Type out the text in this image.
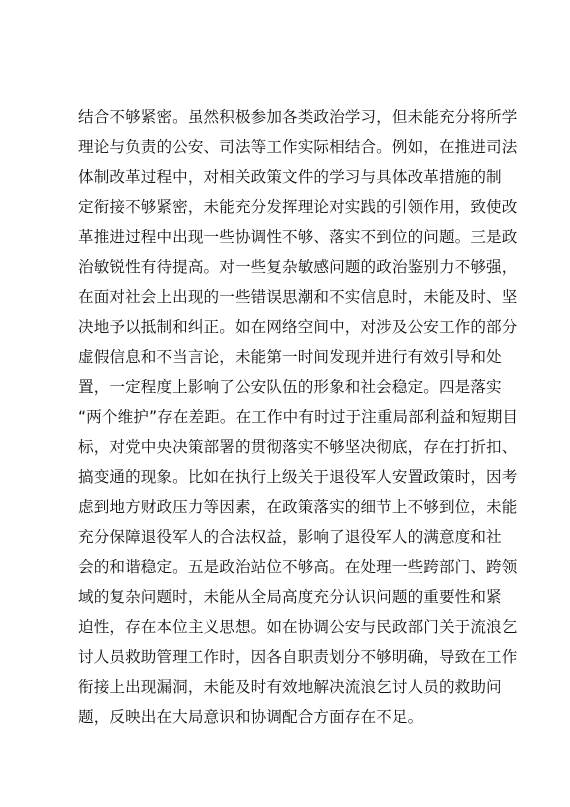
结合不够紧密。虽然积极参加各类政治学习，但未能充分将所学
理论与负责的公安、司法等工作实际相结合。例如，在推进司法
体制改革过程中，对相关政策文件的学习与具体改革措施的制
定衔接不够紧密，未能充分发挥理论对实践的引领作用，致使改
革推进过程中出现一些协调性不够、落实不到位的问题。三是政
治敏锐性有待提高。对一些复杂敏感问题的政治鉴别力不够强，
在面对社会上出现的一些错误思潮和不实信息时，未能及时、坚
决地予以抵制和纠正。如在网络空间中，对涉及公安工作的部分
虚假信息和不当言论，未能第一时间发现并进行有效引导和处
置，一定程度上影响了公安队伍的形象和社会稳定。四是落实
“两个维护”存在差距。在工作中有时过于注重局部利益和短期目
标，对党中央决策部署的贯彻落实不够坚决彻底，存在打折扣、
搞变通的现象。比如在执行上级关于退役军人安置政策时，因考
虑到地方财政压力等因素，在政策落实的细节上不够到位，未能
充分保障退役军人的合法权益，影响了退役军人的满意度和社
会的和谐稳定。五是政治站位不够高。在处理一些跨部门、跨领
域的复杂问题时，未能从全局高度充分认识问题的重要性和紧
迫性，存在本位主义思想。如在协调公安与民政部门关于流浪乞
讨人员救助管理工作时，因各自职责划分不够明确，导致在工作
衔接上出现漏洞，未能及时有效地解决流浪乞讨人员的救助问
题，反映出在大局意识和协调配合方面存在不足。
